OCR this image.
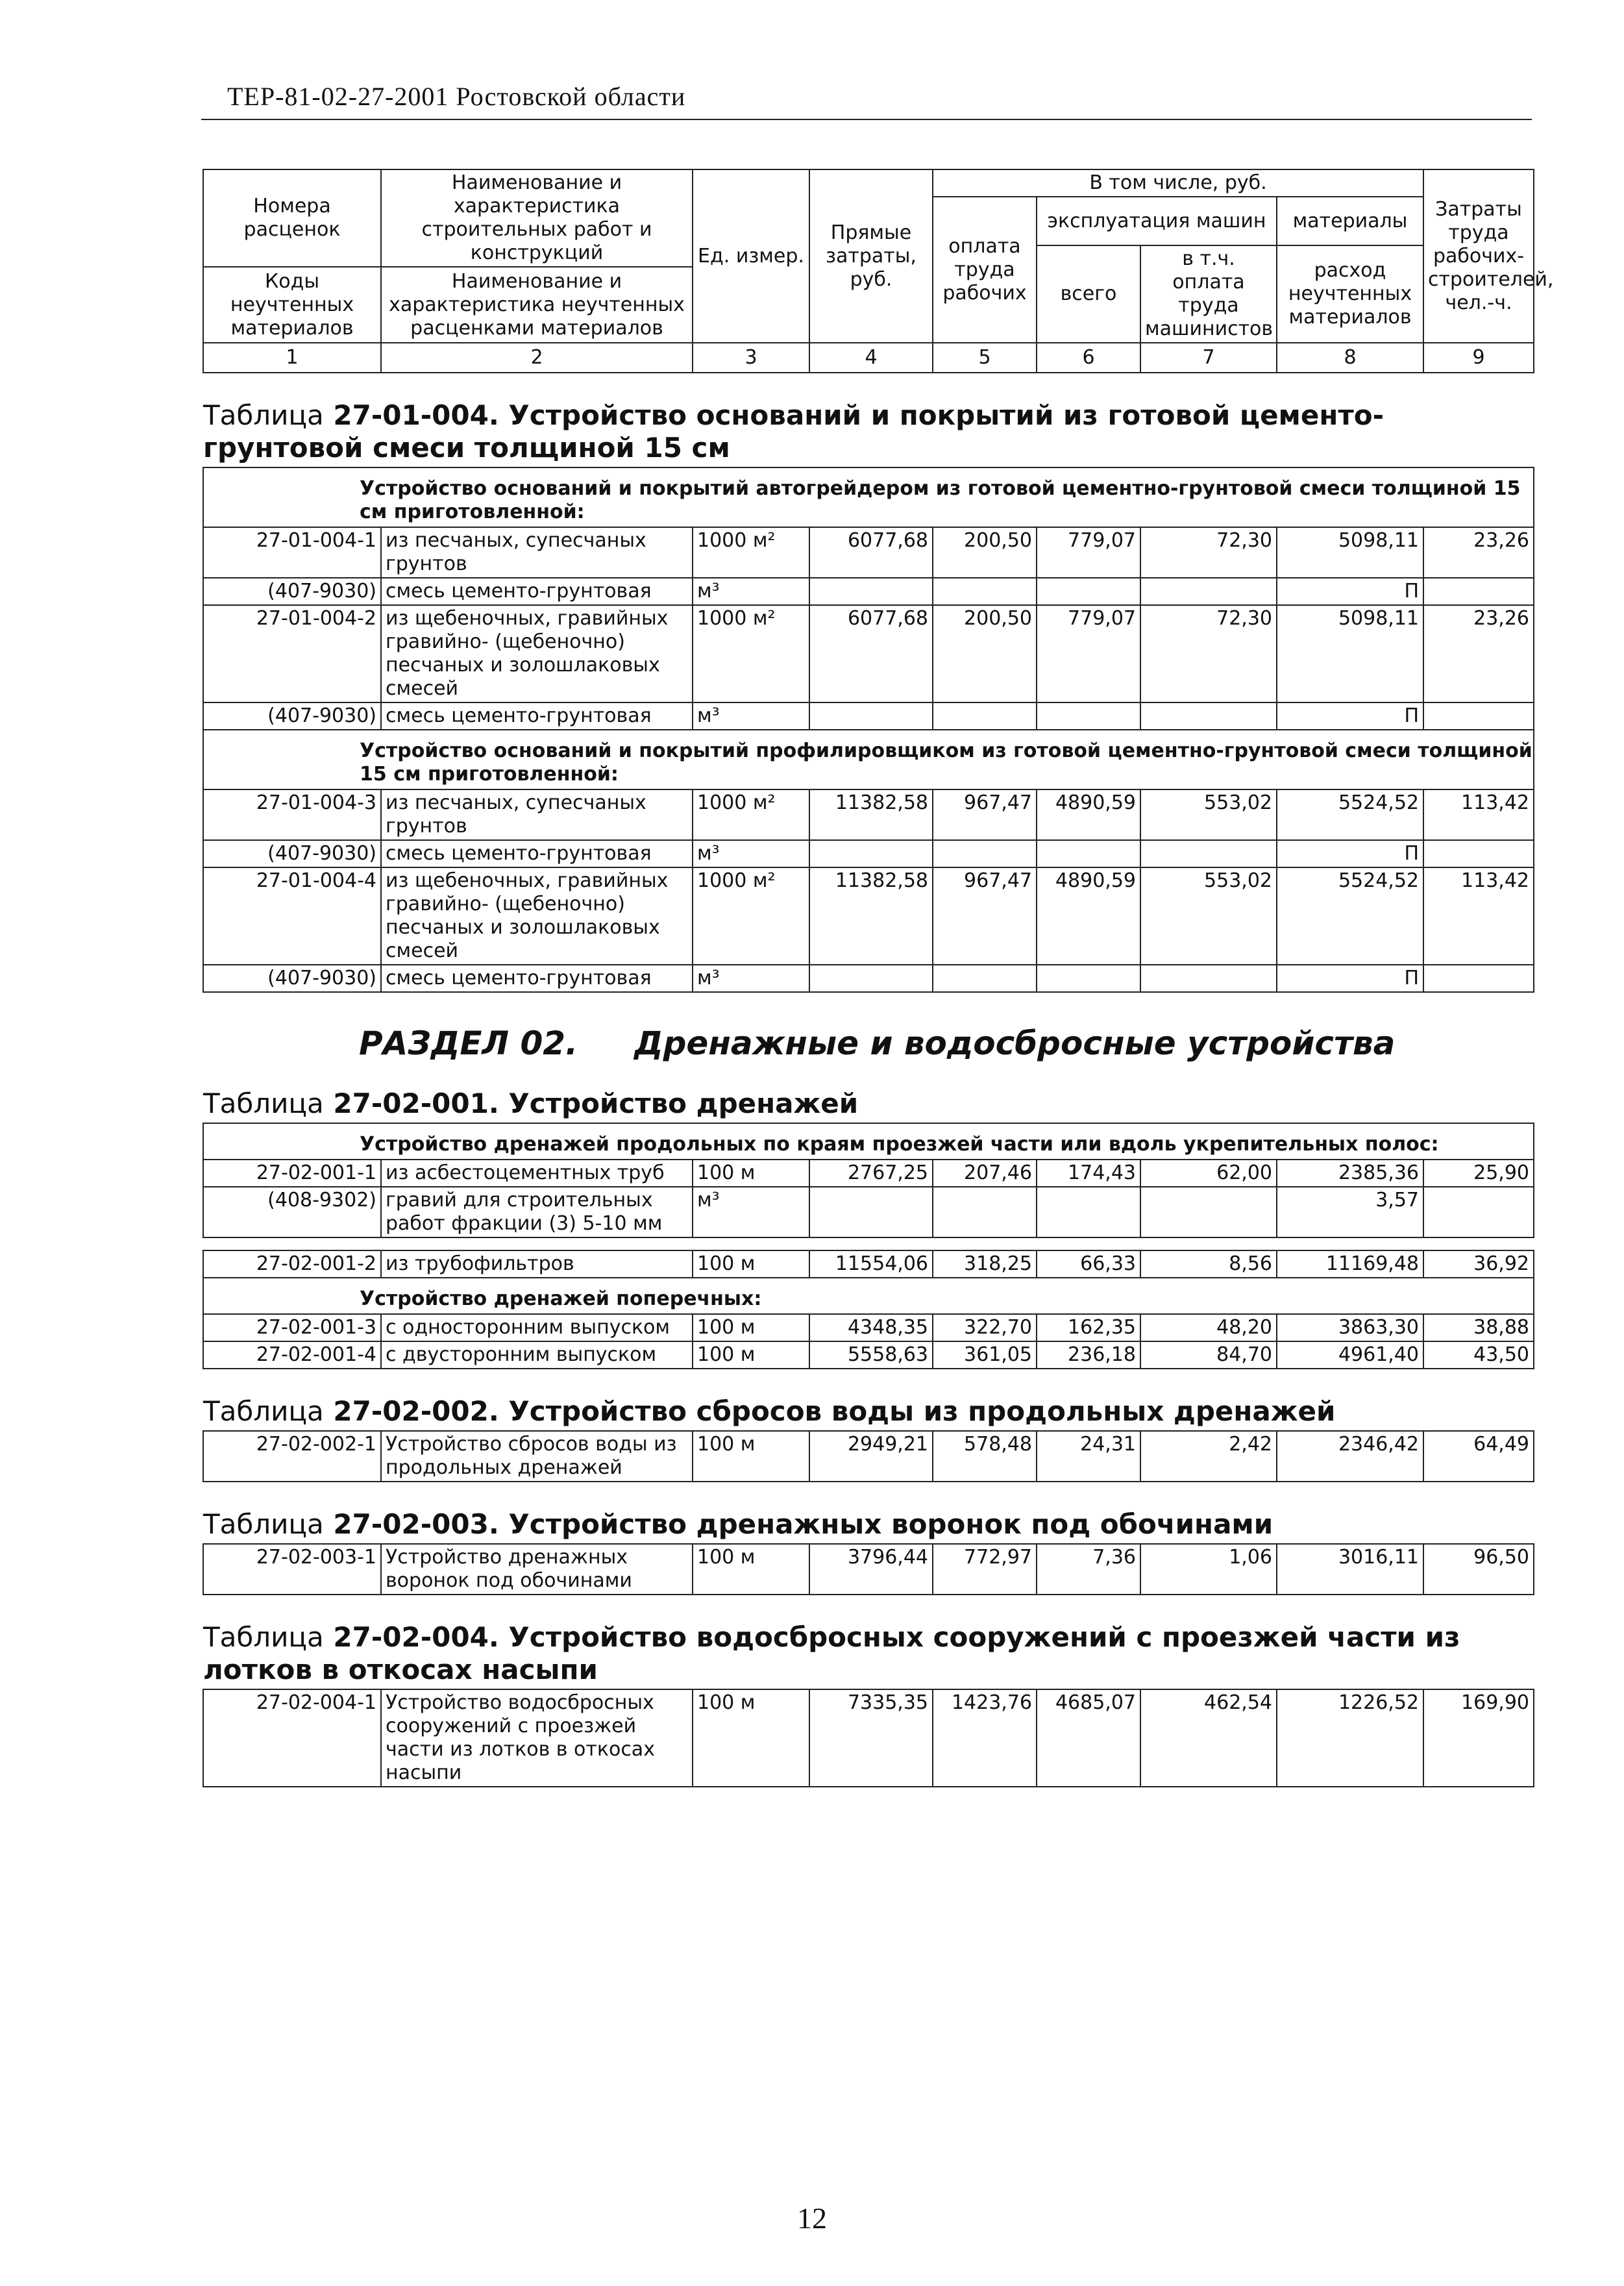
ТЕР-81-02-27-2001 Ростовской области
Номера расценок	Наименование и характеристика строительных работ и конструкций	Ед. измер.	Прямые затраты, руб.	В том числе, руб.				Затраты труда рабочих-строителей, чел.-ч.
				оплата труда рабочих	эксплуатация машин		материалы	
					всего	в т.ч. оплата труда машинистов	расход неучтенных материалов	
Коды неучтенных материалов	Наименование и характеристика неучтенных расценками материалов							

1	2	3	4	5	6	7	8	9
Таблица 27-01-004. Устройство оснований и покрытий из готовой цементо-грунтовой смеси толщиной 15 см								
Устройство оснований и покрытий автогрейдером из готовой цементно-грунтовой смеси толщиной 15 см приготовленной:								
27-01-004-1	из песчаных, супесчаных грунтов	1000 м²	6077,68	200,50	779,07	72,30	5098,11	23,26
(407-9030)	смесь цементо-грунтовая	м³					П	
27-01-004-2	из щебеночных, гравийных гравийно- (щебеночно) песчаных и золошлаковых смесей	1000 м²	6077,68	200,50	779,07	72,30	5098,11	23,26
(407-9030)	смесь цементо-грунтовая	м³					П	
Устройство оснований и покрытий профилировщиком из готовой цементно-грунтовой смеси толщиной 15 см приготовленной:								
27-01-004-3	из песчаных, супесчаных грунтов	1000 м²	11382,58	967,47	4890,59	553,02	5524,52	113,42
(407-9030)	смесь цементо-грунтовая	м³					П	
27-01-004-4	из щебеночных, гравийных гравийно- (щебеночно) песчаных и золошлаковых смесей	1000 м²	11382,58	967,47	4890,59	553,02	5524,52	113,42
(407-9030)	смесь цементо-грунтовая	м³					П	
РАЗДЕЛ 02. Дренажные и водосбросные устройства								
Таблица 27-02-001. Устройство дренажей								
Устройство дренажей продольных по краям проезжей части или вдоль укрепительных полос:								
27-02-001-1	из асбестоцементных труб	100 м	2767,25	207,46	174,43	62,00	2385,36	25,90
(408-9302)	гравий для строительных работ фракции (3) 5-10 мм	м³					3,57	

27-02-001-2	из трубофильтров	100 м	11554,06	318,25	66,33	8,56	11169,48	36,92
Устройство дренажей поперечных:								
27-02-001-3	с односторонним выпуском	100 м	4348,35	322,70	162,35	48,20	3863,30	38,88
27-02-001-4	с двусторонним выпуском	100 м	5558,63	361,05	236,18	84,70	4961,40	43,50
Таблица 27-02-002. Устройство сбросов воды из продольных дренажей								
27-02-002-1	Устройство сбросов воды из продольных дренажей	100 м	2949,21	578,48	24,31	2,42	2346,42	64,49
Таблица 27-02-003. Устройство дренажных воронок под обочинами								
27-02-003-1	Устройство дренажных воронок под обочинами	100 м	3796,44	772,97	7,36	1,06	3016,11	96,50
Таблица 27-02-004. Устройство водосбросных сооружений с проезжей части из лотков в откосах насыпи								
27-02-004-1	Устройство водосбросных сооружений с проезжей части из лотков в откосах насыпи	100 м	7335,35	1423,76	4685,07	462,54	1226,52	169,90
12
